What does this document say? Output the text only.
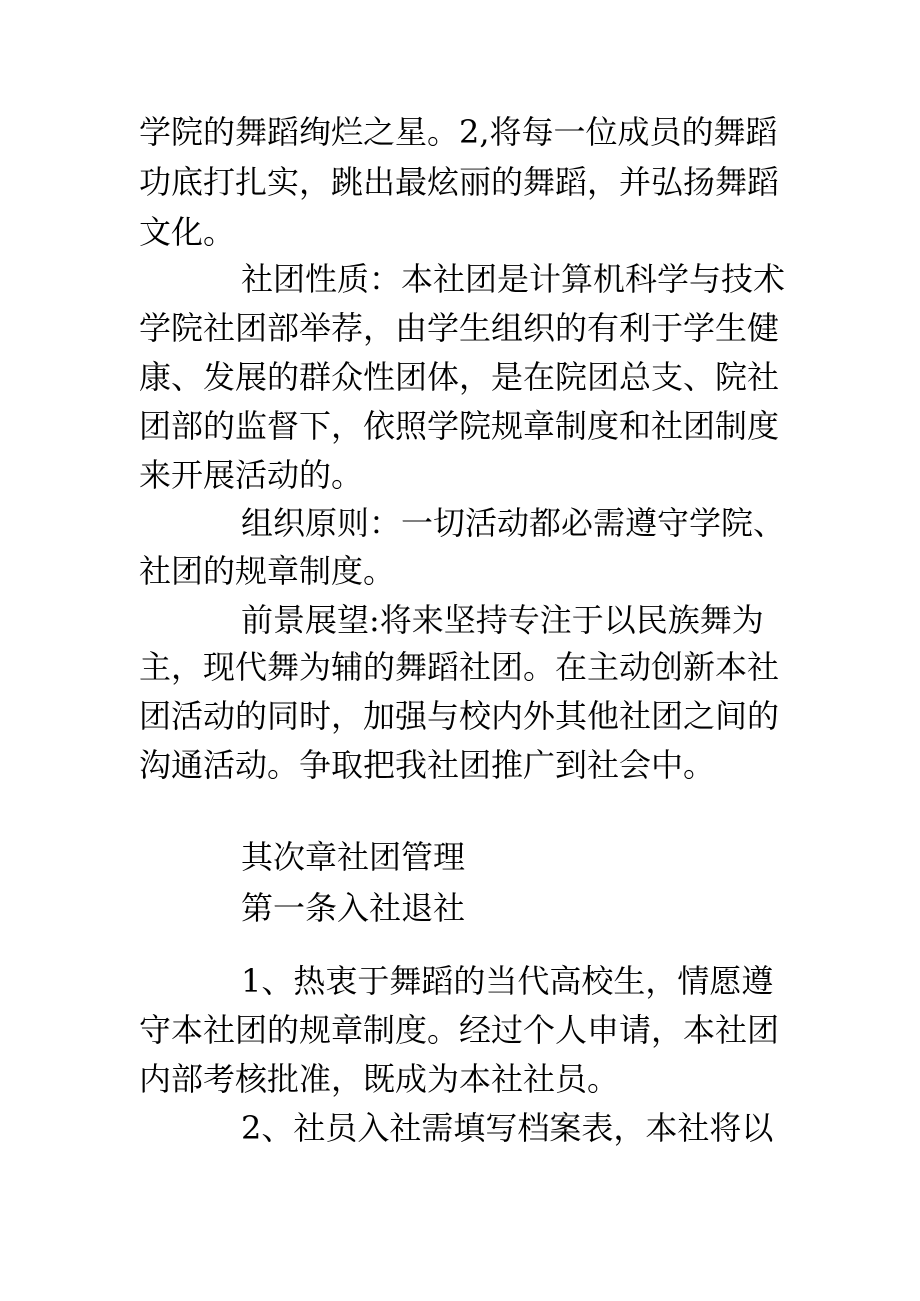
学院的舞蹈绚烂之星。2,将每一位成员的舞蹈
功底打扎实，跳出最炫丽的舞蹈，并弘扬舞蹈
文化。
社团性质：本社团是计算机科学与技术
学院社团部举荐，由学生组织的有利于学生健
康、发展的群众性团体，是在院团总支、院社
团部的监督下，依照学院规章制度和社团制度
来开展活动的。
组织原则：一切活动都必需遵守学院、
社团的规章制度。
前景展望:将来坚持专注于以民族舞为
主，现代舞为辅的舞蹈社团。在主动创新本社
团活动的同时，加强与校内外其他社团之间的
沟通活动。争取把我社团推广到社会中。
其次章社团管理
第一条入社退社
1、热衷于舞蹈的当代高校生，情愿遵
守本社团的规章制度。经过个人申请，本社团
内部考核批准，既成为本社社员。
2、社员入社需填写档案表，本社将以
